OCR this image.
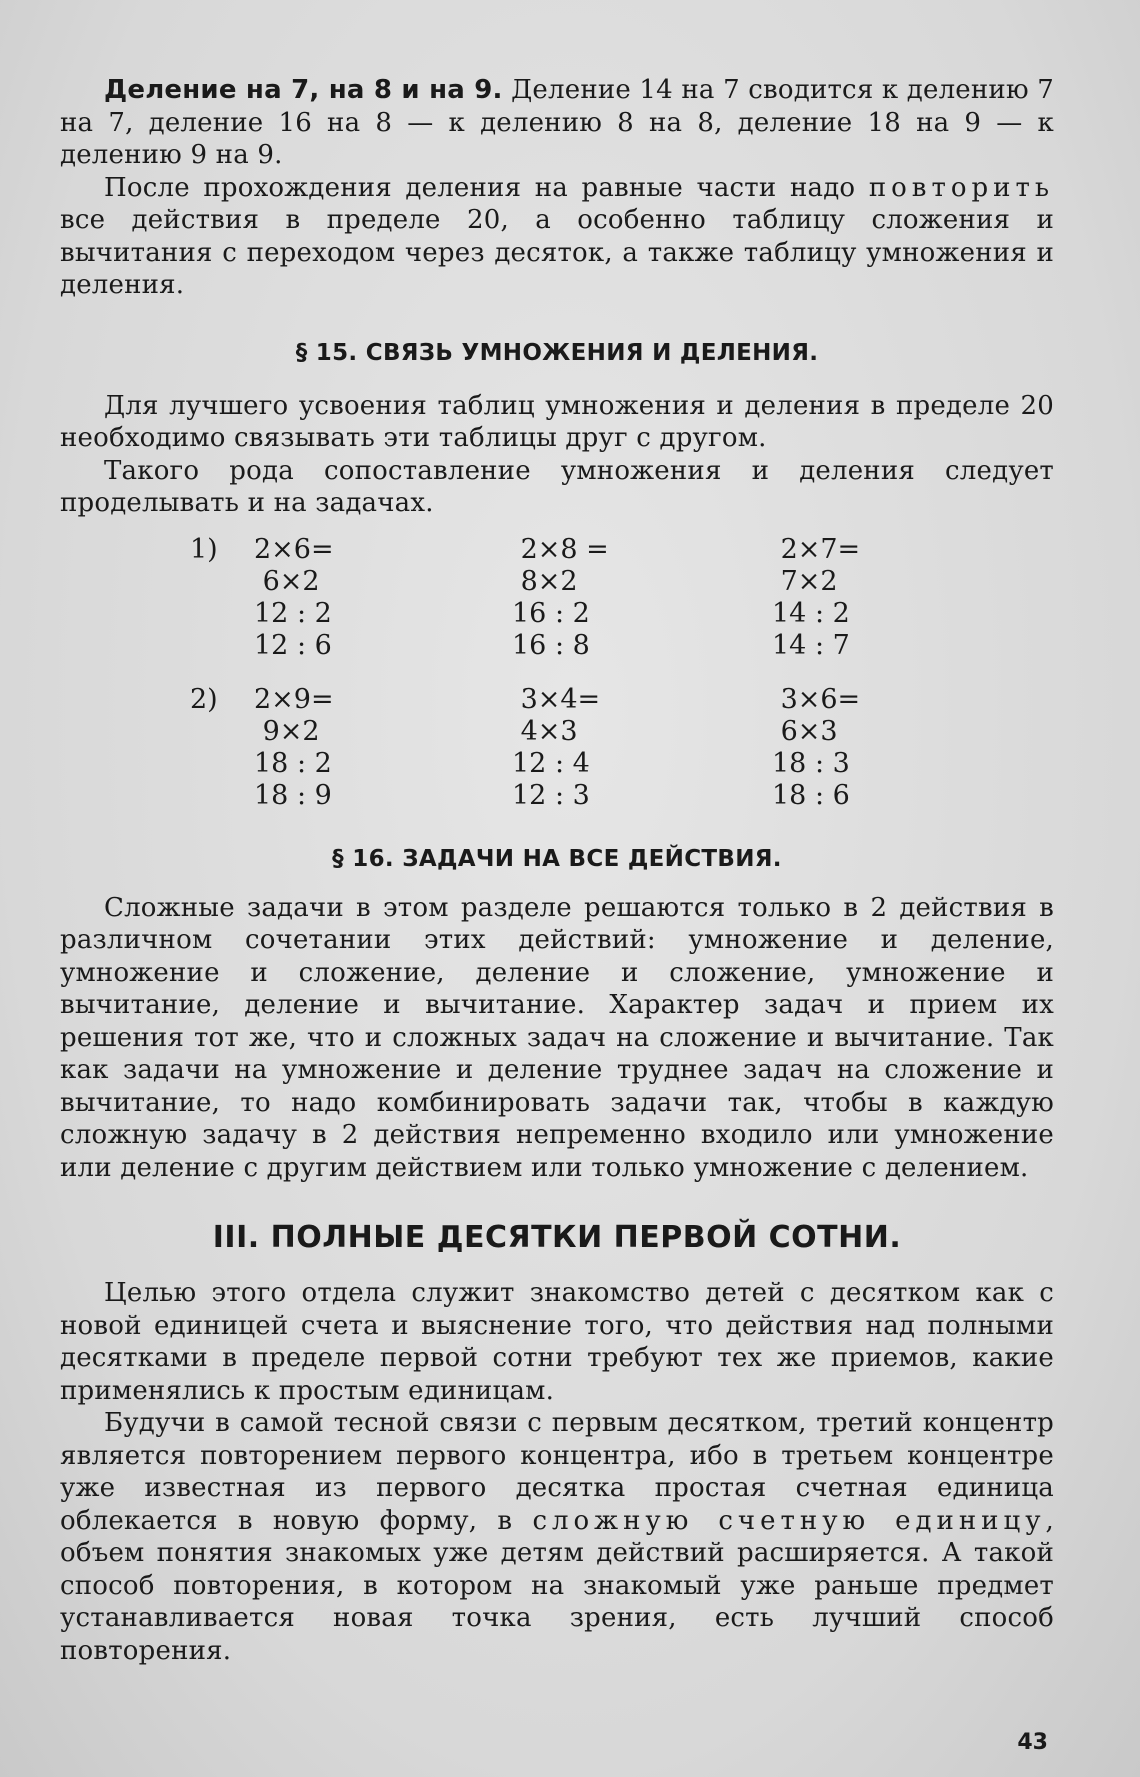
Деление на 7, на 8 и на 9. Деление 14 на 7 сводится к делению 7 на 7, деление 16 на 8 — к делению 8 на 8, деление 18 на 9 — к делению 9 на 9.

После прохождения деления на равные части надо повторить все действия в пределе 20, а особенно таблицу сложения и вычитания с переходом через десяток, а также таблицу умножения и деления.

§ 15. СВЯЗЬ УМНОЖЕНИЯ И ДЕЛЕНИЯ.

Для лучшего усвоения таблиц умножения и деления в пределе 20 необходимо связывать эти таблицы друг с другом.

Такого рода сопоставление умножения и деления следует проделывать и на задачах.

1)	2×6=
6×2
12 : 2
12 : 6
2×8 =
8×2
16 : 2
16 : 8
2×7=
7×2
14 : 2
14 : 7
2)	2×9=
9×2
18 : 2
18 : 9
3×4=
4×3
12 : 4
12 : 3
3×6=
6×3
18 : 3
18 : 6
§ 16. ЗАДАЧИ НА ВСЕ ДЕЙСТВИЯ.

Сложные задачи в этом разделе решаются только в 2 действия в различном сочетании этих действий: умножение и деление, умножение и сложение, деление и сложение, умножение и вычитание, деление и вычитание. Характер задач и прием их решения тот же, что и сложных задач на сложение и вычитание. Так как задачи на умножение и деление труднее задач на сложение и вычитание, то надо комбинировать задачи так, чтобы в каждую сложную задачу в 2 действия непременно входило или умножение или деление с другим действием или только умножение с делением.

III. ПОЛНЫЕ ДЕСЯТКИ ПЕРВОЙ СОТНИ.

Целью этого отдела служит знакомство детей с десятком как с новой единицей счета и выяснение того, что действия над полными десятками в пределе первой сотни требуют тех же приемов, какие применялись к простым единицам.

Будучи в самой тесной связи с первым десятком, третий концентр является повторением первого концентра, ибо в третьем концентре уже известная из первого десятка простая счетная единица облекается в новую форму, в сложную счетную единицу, объем понятия знакомых уже детям действий расширяется. А такой способ повторения, в котором на знакомый уже раньше предмет устанавливается новая точка зрения, есть лучший способ повторения.

43
